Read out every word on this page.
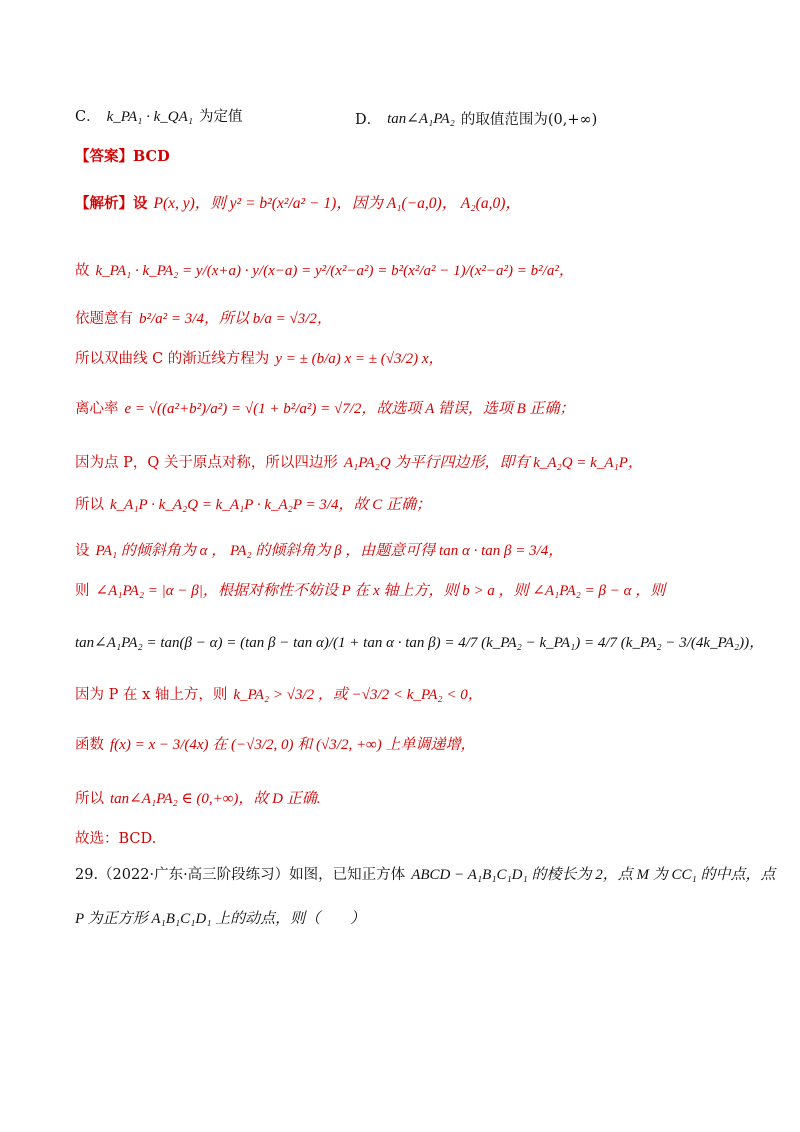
C． k_PA₁ · k_QA₁ 为定值	D． tan∠A₁PA₂ 的取值范围为(0,+∞)
【答案】BCD
【解析】设 P(x, y)，则 y² = b²(x²/a² − 1)，因为 A₁(−a,0)， A₂(a,0)，
故 k_PA₁ · k_PA₂ = y/(x+a) · y/(x−a) = y²/(x²−a²) = b²(x²/a² − 1)/(x²−a²) = b²/a²，
依题意有 b²/a² = 3/4，所以 b/a = √3/2，
所以双曲线 C 的渐近线方程为 y = ± (b/a) x = ± (√3/2) x，
离心率 e = √((a²+b²)/a²) = √(1 + b²/a²) = √7/2，故选项 A 错误，选项 B 正确；
因为点 P，Q 关于原点对称，所以四边形 A₁PA₂Q 为平行四边形，即有 k_A₂Q = k_A₁P，
所以 k_A₁P · k_A₂Q = k_A₁P · k_A₂P = 3/4，故 C 正确；
设 PA₁ 的倾斜角为 α ， PA₂ 的倾斜角为 β ，由题意可得 tan α · tan β = 3/4，
则 ∠A₁PA₂ = |α − β|，根据对称性不妨设 P 在 x 轴上方，则 b > a ，则 ∠A₁PA₂ = β − α ，则
tan∠A₁PA₂ = tan(β − α) = (tan β − tan α)/(1 + tan α · tan β) = 4/7 (k_PA₂ − k_PA₁) = 4/7 (k_PA₂ − 3/(4k_PA₂))，
因为 P 在 x 轴上方，则 k_PA₂ > √3/2 ，或 −√3/2 < k_PA₂ < 0，
函数 f(x) = x − 3/(4x) 在 (−√3/2, 0) 和 (√3/2, +∞) 上单调递增，
所以 tan∠A₁PA₂ ∈ (0,+∞)，故 D 正确.
故选：BCD.
29.（2022·广东·高三阶段练习）如图，已知正方体 ABCD − A₁B₁C₁D₁ 的棱长为 2，点 M 为 CC₁ 的中点，点
P 为正方形 A₁B₁C₁D₁ 上的动点，则（　　）
